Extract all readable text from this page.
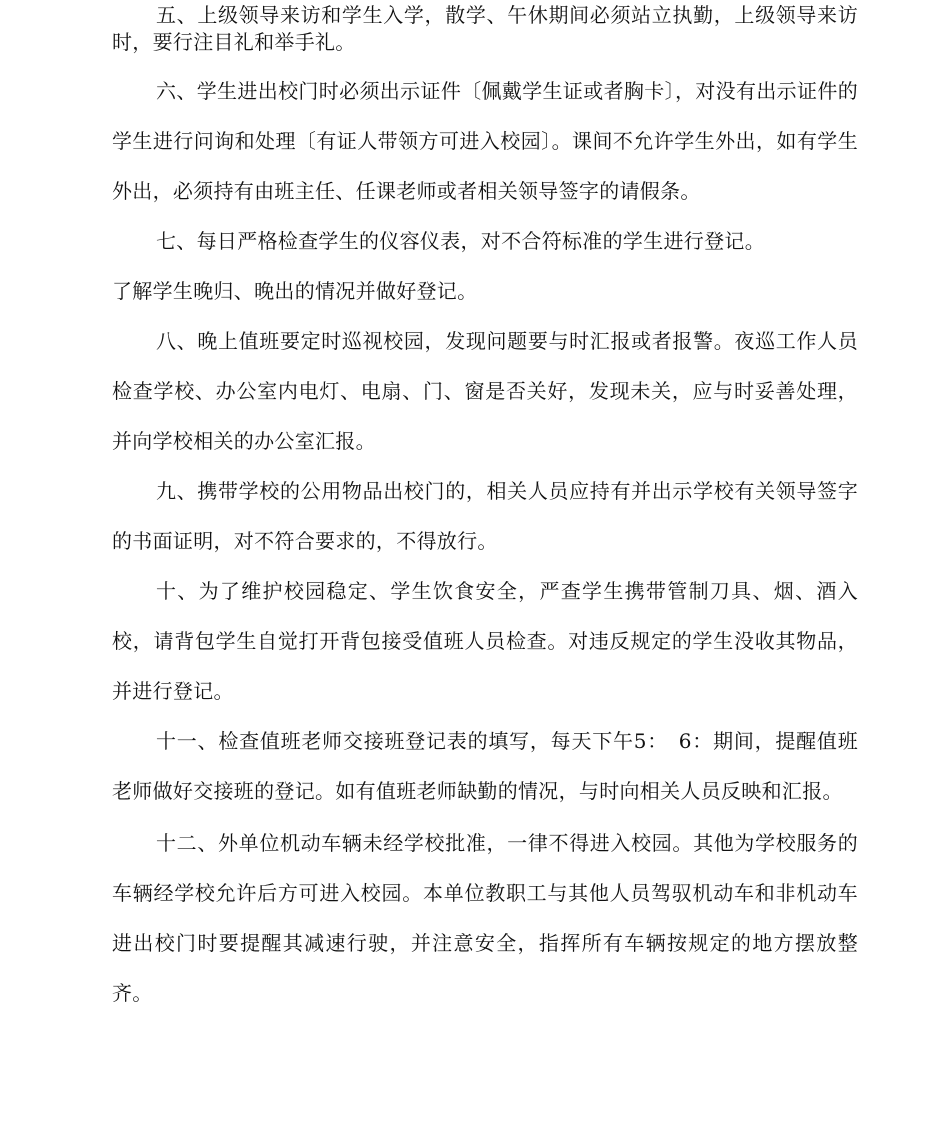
五、上级领导来访和学生入学，散学、午休期间必须站立执勤，上级领导来访时，要行注目礼和举手礼。

六、学生进出校门时必须出示证件〔佩戴学生证或者胸卡〕，对没有出示证件的学生进行问询和处理〔有证人带领方可进入校园〕。课间不允许学生外出，如有学生外出，必须持有由班主任、任课老师或者相关领导签字的请假条。

七、每日严格检查学生的仪容仪表，对不合符标准的学生进行登记。

了解学生晚归、晚出的情况并做好登记。

八、晚上值班要定时巡视校园，发现问题要与时汇报或者报警。夜巡工作人员检查学校、办公室内电灯、电扇、门、窗是否关好，发现未关，应与时妥善处理，并向学校相关的办公室汇报。

九、携带学校的公用物品出校门的，相关人员应持有并出示学校有关领导签字的书面证明，对不符合要求的，不得放行。

十、为了维护校园稳定、学生饮食安全，严查学生携带管制刀具、烟、酒入校，请背包学生自觉打开背包接受值班人员检查。对违反规定的学生没收其物品，并进行登记。

十一、检查值班老师交接班登记表的填写，每天下午5：　6：期间，提醒值班老师做好交接班的登记。如有值班老师缺勤的情况，与时向相关人员反映和汇报。

十二、外单位机动车辆未经学校批准，一律不得进入校园。其他为学校服务的车辆经学校允许后方可进入校园。本单位教职工与其他人员驾驭机动车和非机动车进出校门时要提醒其减速行驶，并注意安全，指挥所有车辆按规定的地方摆放整齐。
